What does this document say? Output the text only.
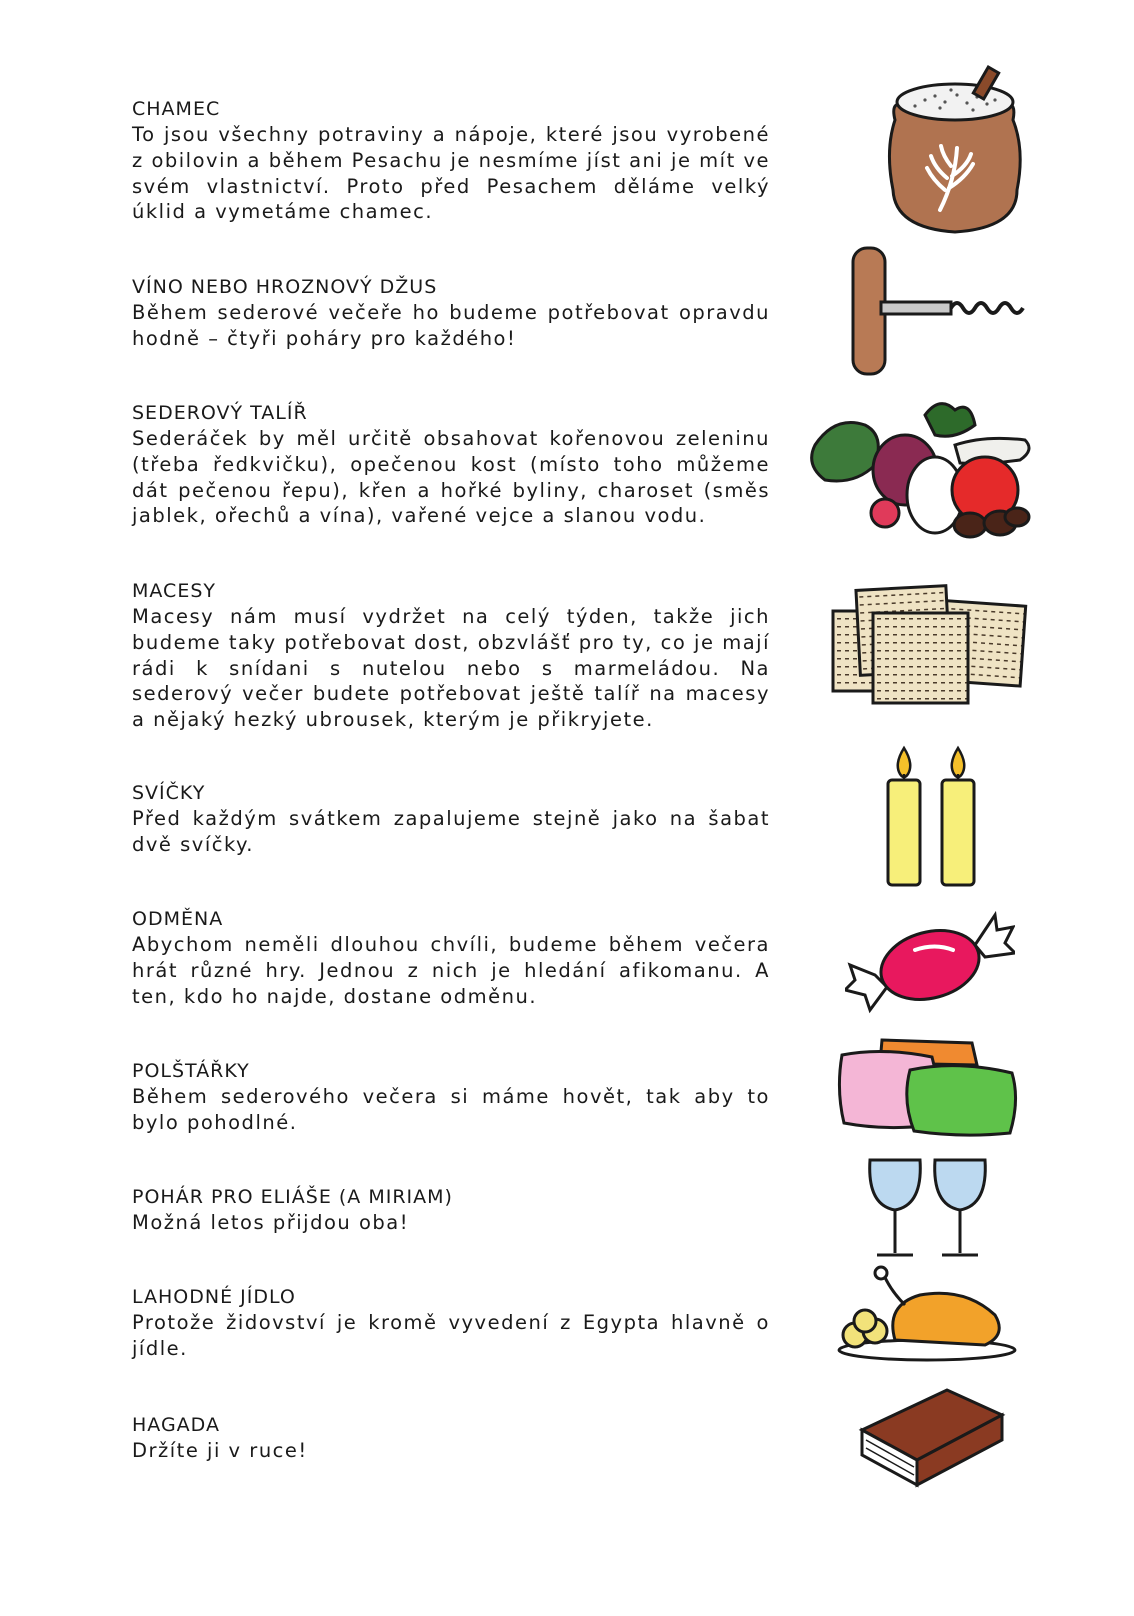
CHAMEC

To jsou všechny potraviny a nápoje, které jsou vyrobené z obilovin a během Pesachu je nesmíme jíst ani je mít ve svém vlastnictví. Proto před Pesachem děláme velký úklid a vymetáme chamec.

VÍNO NEBO HROZNOVÝ DŽUS

Během sederové večeře ho budeme potřebovat opravdu hodně – čtyři poháry pro každého!

SEDEROVÝ TALÍŘ

Sederáček by měl určitě obsahovat kořenovou zeleninu (třeba ředkvičku), opečenou kost (místo toho můžeme dát pečenou řepu), křen a hořké byliny, charoset (směs jablek, ořechů a vína), vařené vejce a slanou vodu.

MACESY

Macesy nám musí vydržet na celý týden, takže jich budeme taky potřebovat dost, obzvlášť pro ty, co je mají rádi k snídani s nutelou nebo s marmeládou. Na sederový večer budete potřebovat ještě talíř na macesy a nějaký hezký ubrousek, kterým je přikryjete.

SVÍČKY

Před každým svátkem zapalujeme stejně jako na šabat dvě svíčky.

ODMĚNA

Abychom neměli dlouhou chvíli, budeme během večera hrát různé hry. Jednou z nich je hledání afikomanu. A ten, kdo ho najde, dostane odměnu.

POLŠTÁŘKY

Během sederového večera si máme hovět, tak aby to bylo pohodlné.

POHÁR PRO ELIÁŠE (A MIRIAM)

Možná letos přijdou oba!

LAHODNÉ JÍDLO

Protože židovství je kromě vyvedení z Egypta hlavně o jídle.

HAGADA

Držíte ji v ruce!
